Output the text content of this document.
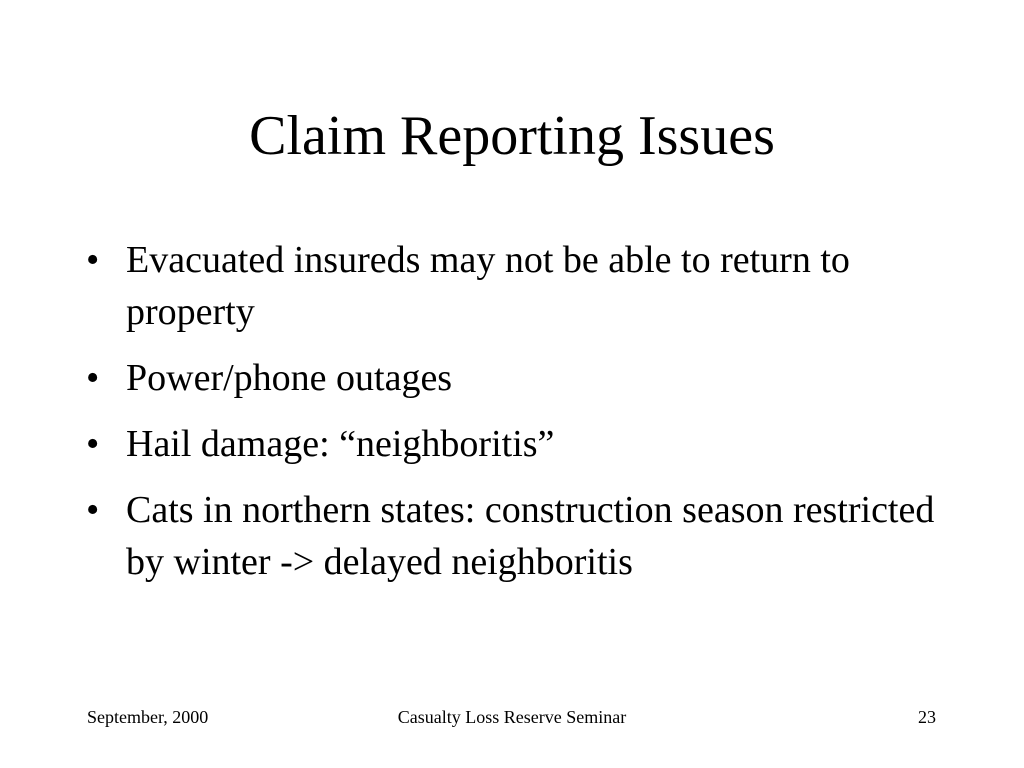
Claim Reporting Issues
• Evacuated insureds may not be able to return to property
• Power/phone outages
• Hail damage: “neighboritis”
• Cats in northern states: construction season restricted by winter -> delayed neighboritis
Casualty Loss Reserve Seminar
September, 2000	23
